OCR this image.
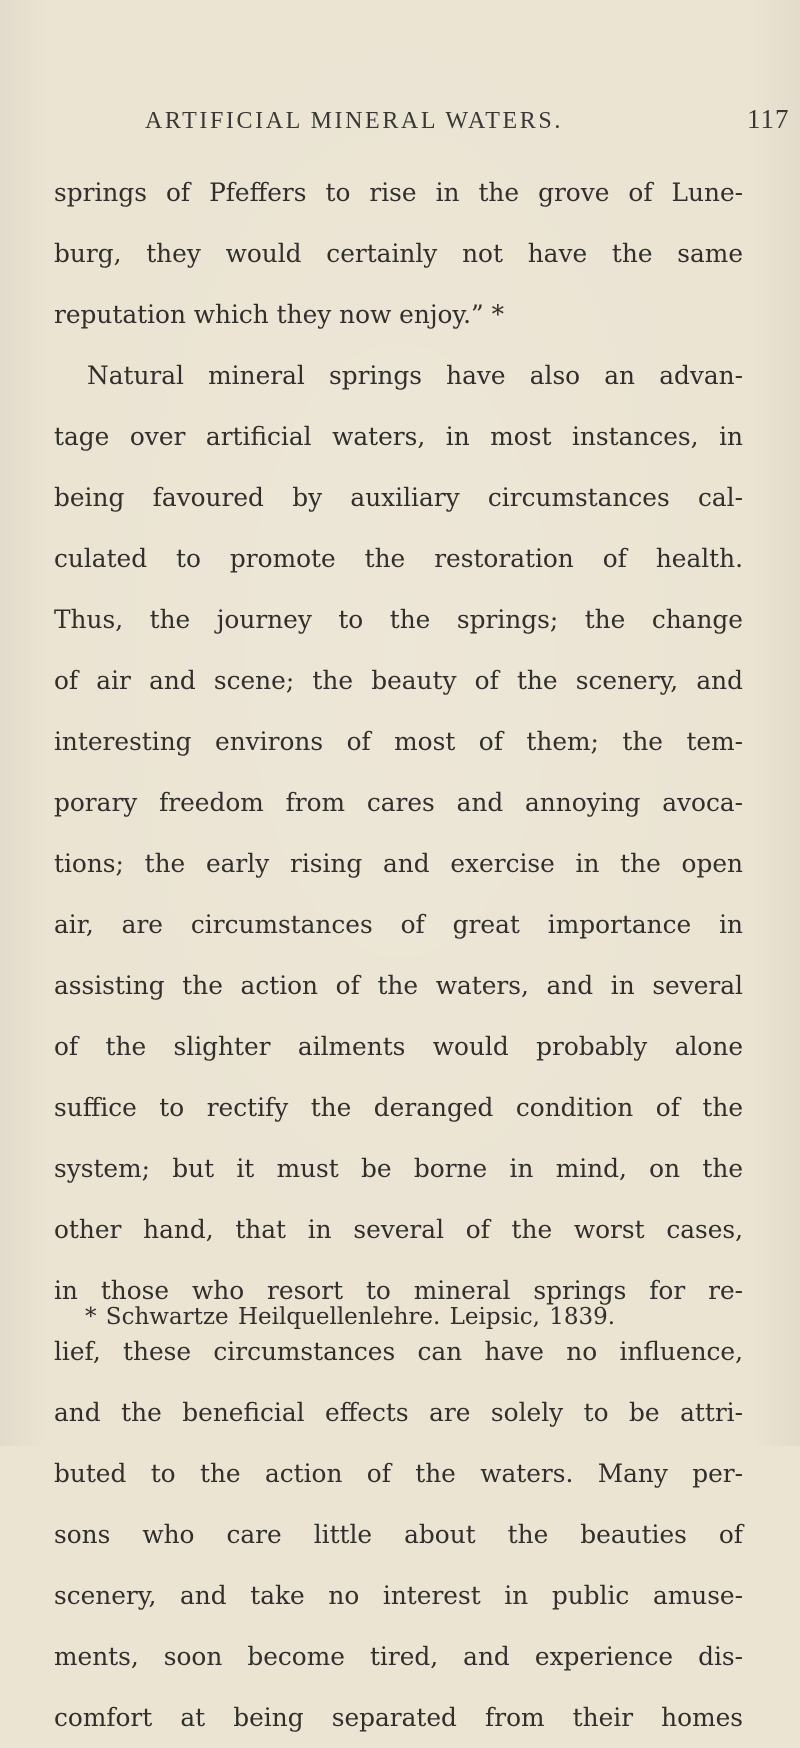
ARTIFICIAL MINERAL WATERS.	117
springs of Pfeffers to rise in the grove of Lune-
burg, they would certainly not have the same
reputation which they now enjoy.” *
Natural mineral springs have also an advan-
tage over artificial waters, in most instances, in
being favoured by auxiliary circumstances cal-
culated to promote the restoration of health.
Thus, the journey to the springs; the change
of air and scene; the beauty of the scenery, and
interesting environs of most of them; the tem-
porary freedom from cares and annoying avoca-
tions; the early rising and exercise in the open
air, are circumstances of great importance in
assisting the action of the waters, and in several
of the slighter ailments would probably alone
suffice to rectify the deranged condition of the
system; but it must be borne in mind, on the
other hand, that in several of the worst cases,
in those who resort to mineral springs for re-
lief, these circumstances can have no influence,
and the beneficial effects are solely to be attri-
buted to the action of the waters. Many per-
sons who care little about the beauties of
scenery, and take no interest in public amuse-
ments, soon become tired, and experience dis-
comfort at being separated from their homes
* Schwartze Heilquellenlehre. Leipsic, 1839.
